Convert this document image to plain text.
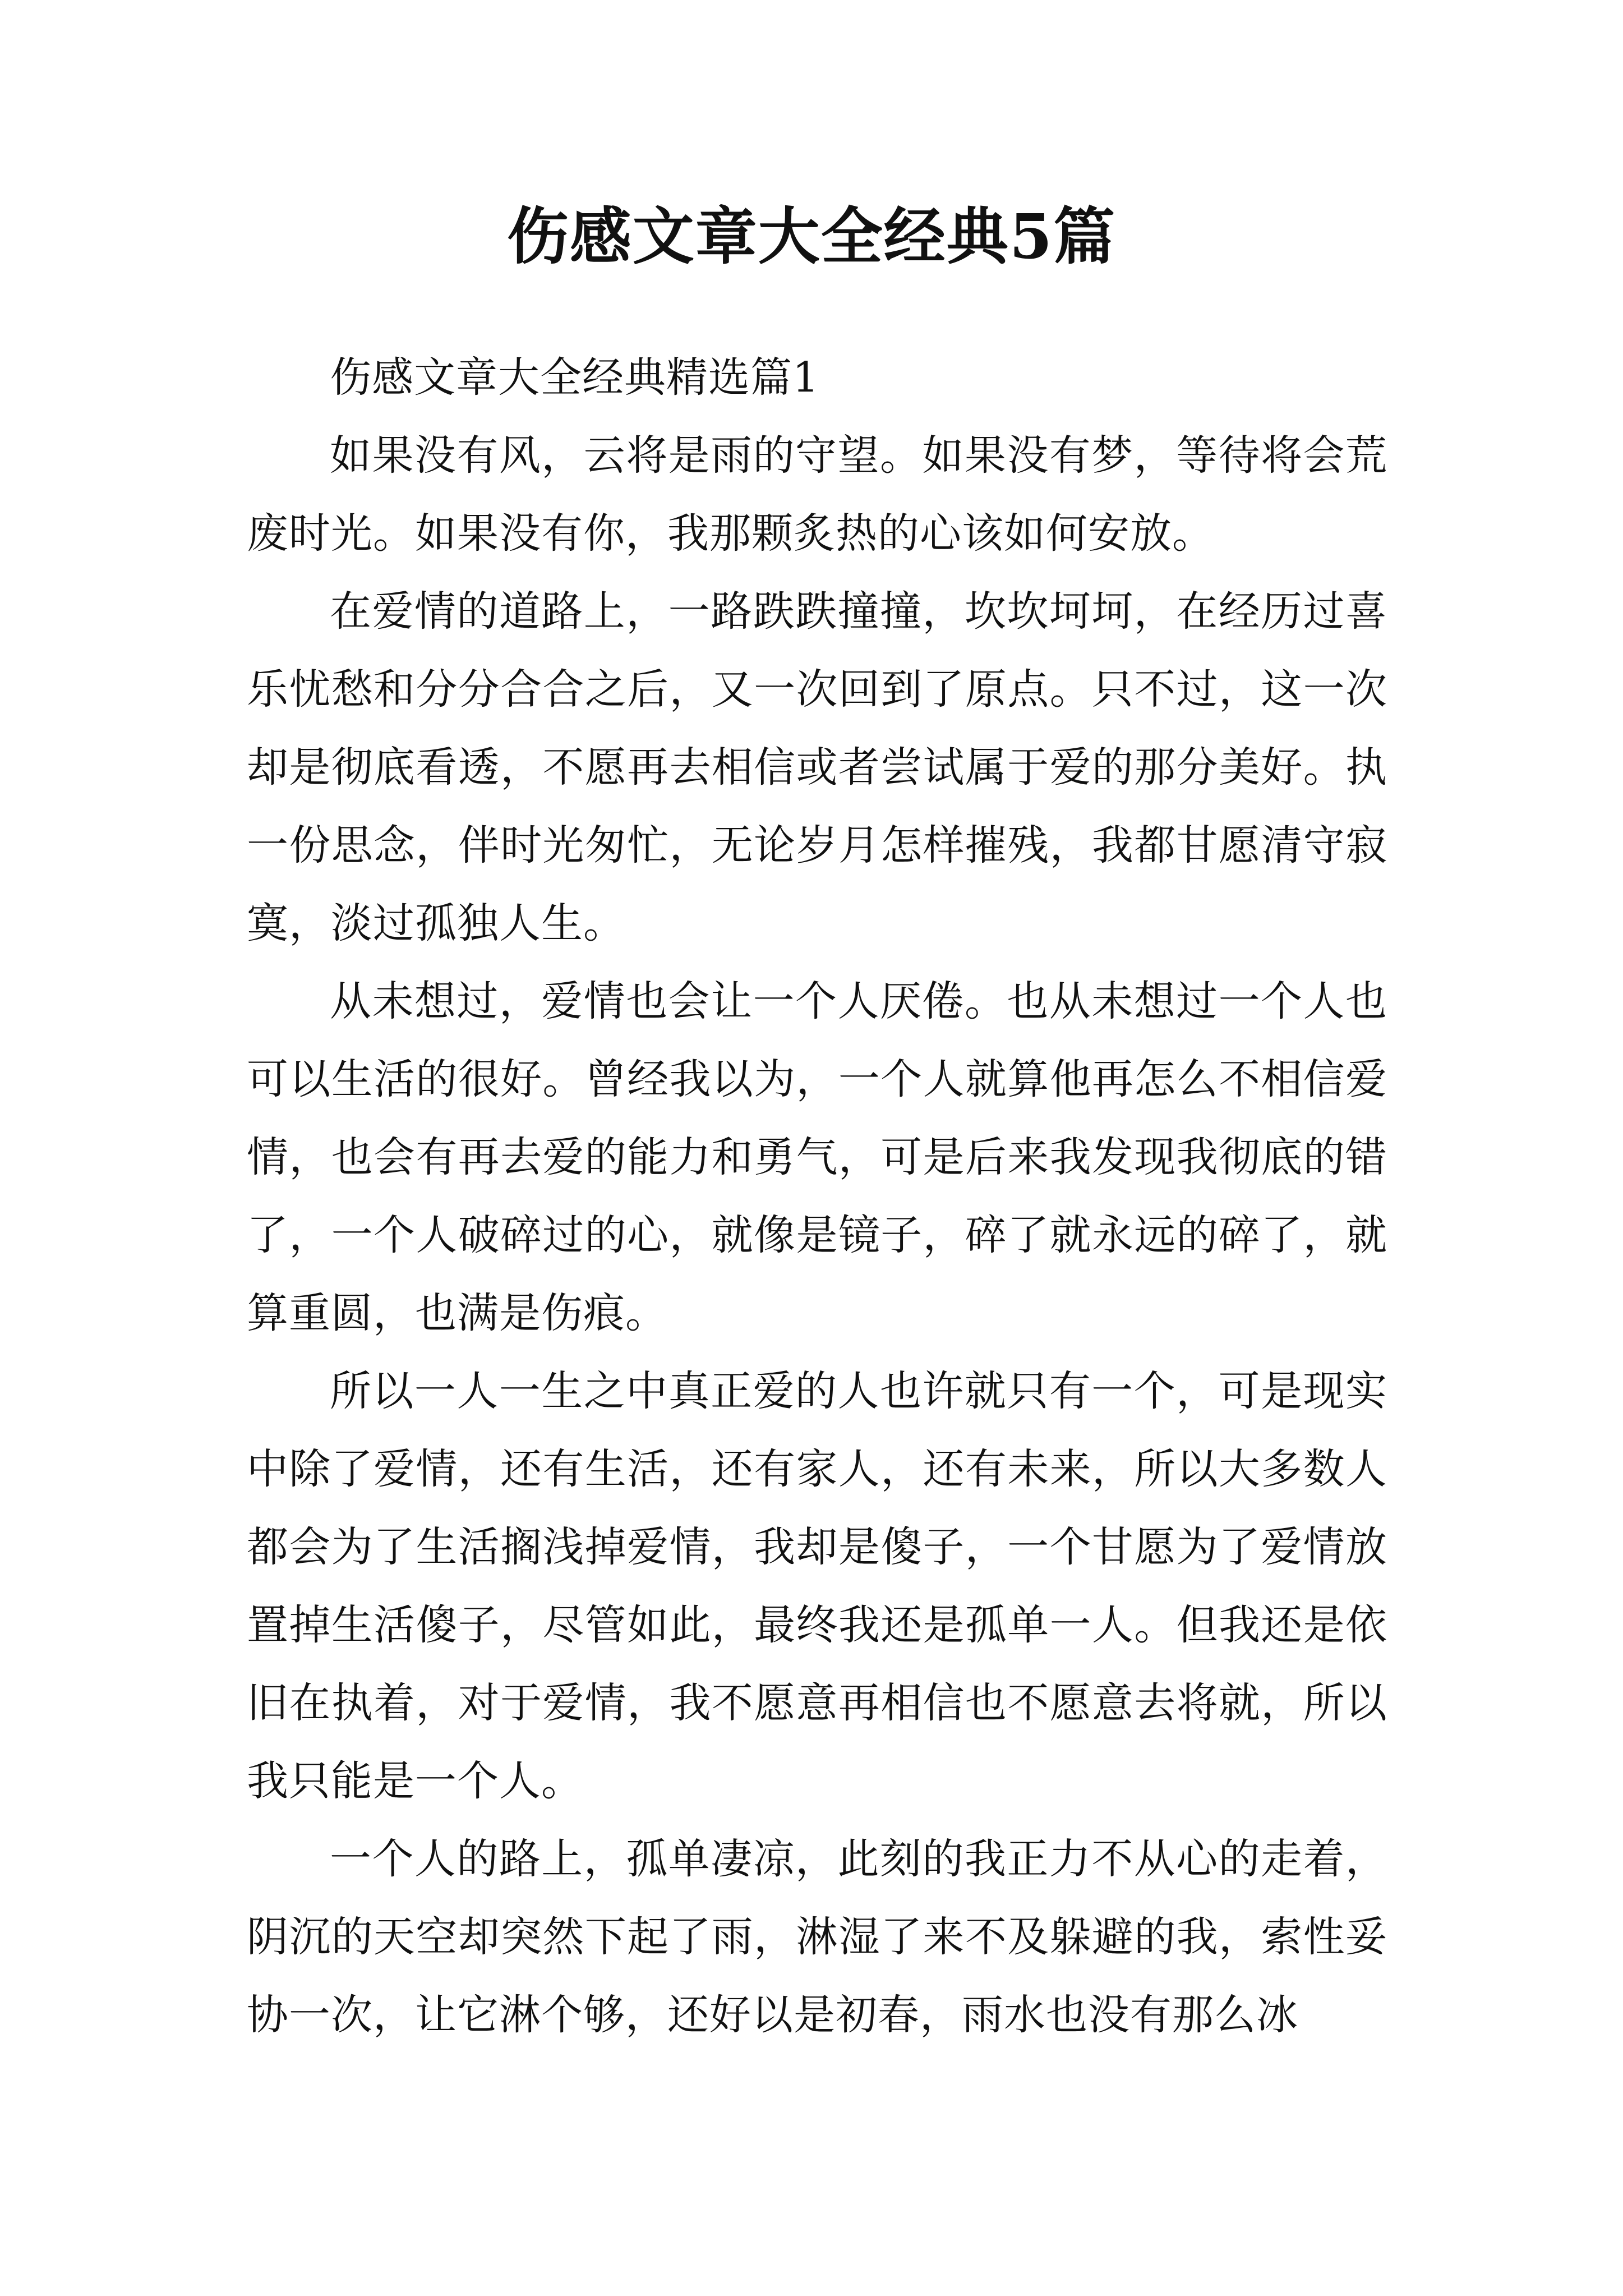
伤感文章大全经典5篇

伤感文章大全经典精选篇1

如果没有风，云将是雨的守望。如果没有梦，等待将会荒废时光。如果没有你，我那颗炙热的心该如何安放。

在爱情的道路上，一路跌跌撞撞，坎坎坷坷，在经历过喜乐忧愁和分分合合之后，又一次回到了原点。只不过，这一次却是彻底看透，不愿再去相信或者尝试属于爱的那分美好。执一份思念，伴时光匆忙，无论岁月怎样摧残，我都甘愿清守寂寞，淡过孤独人生。

从未想过，爱情也会让一个人厌倦。也从未想过一个人也可以生活的很好。曾经我以为，一个人就算他再怎么不相信爱情，也会有再去爱的能力和勇气，可是后来我发现我彻底的错了，一个人破碎过的心，就像是镜子，碎了就永远的碎了，就算重圆，也满是伤痕。

所以一人一生之中真正爱的人也许就只有一个，可是现实中除了爱情，还有生活，还有家人，还有未来，所以大多数人都会为了生活搁浅掉爱情，我却是傻子，一个甘愿为了爱情放置掉生活傻子，尽管如此，最终我还是孤单一人。但我还是依旧在执着，对于爱情，我不愿意再相信也不愿意去将就，所以我只能是一个人。

一个人的路上，孤单凄凉，此刻的我正力不从心的走着，阴沉的天空却突然下起了雨，淋湿了来不及躲避的我，索性妥协一次，让它淋个够，还好以是初春，雨水也没有那么冰
